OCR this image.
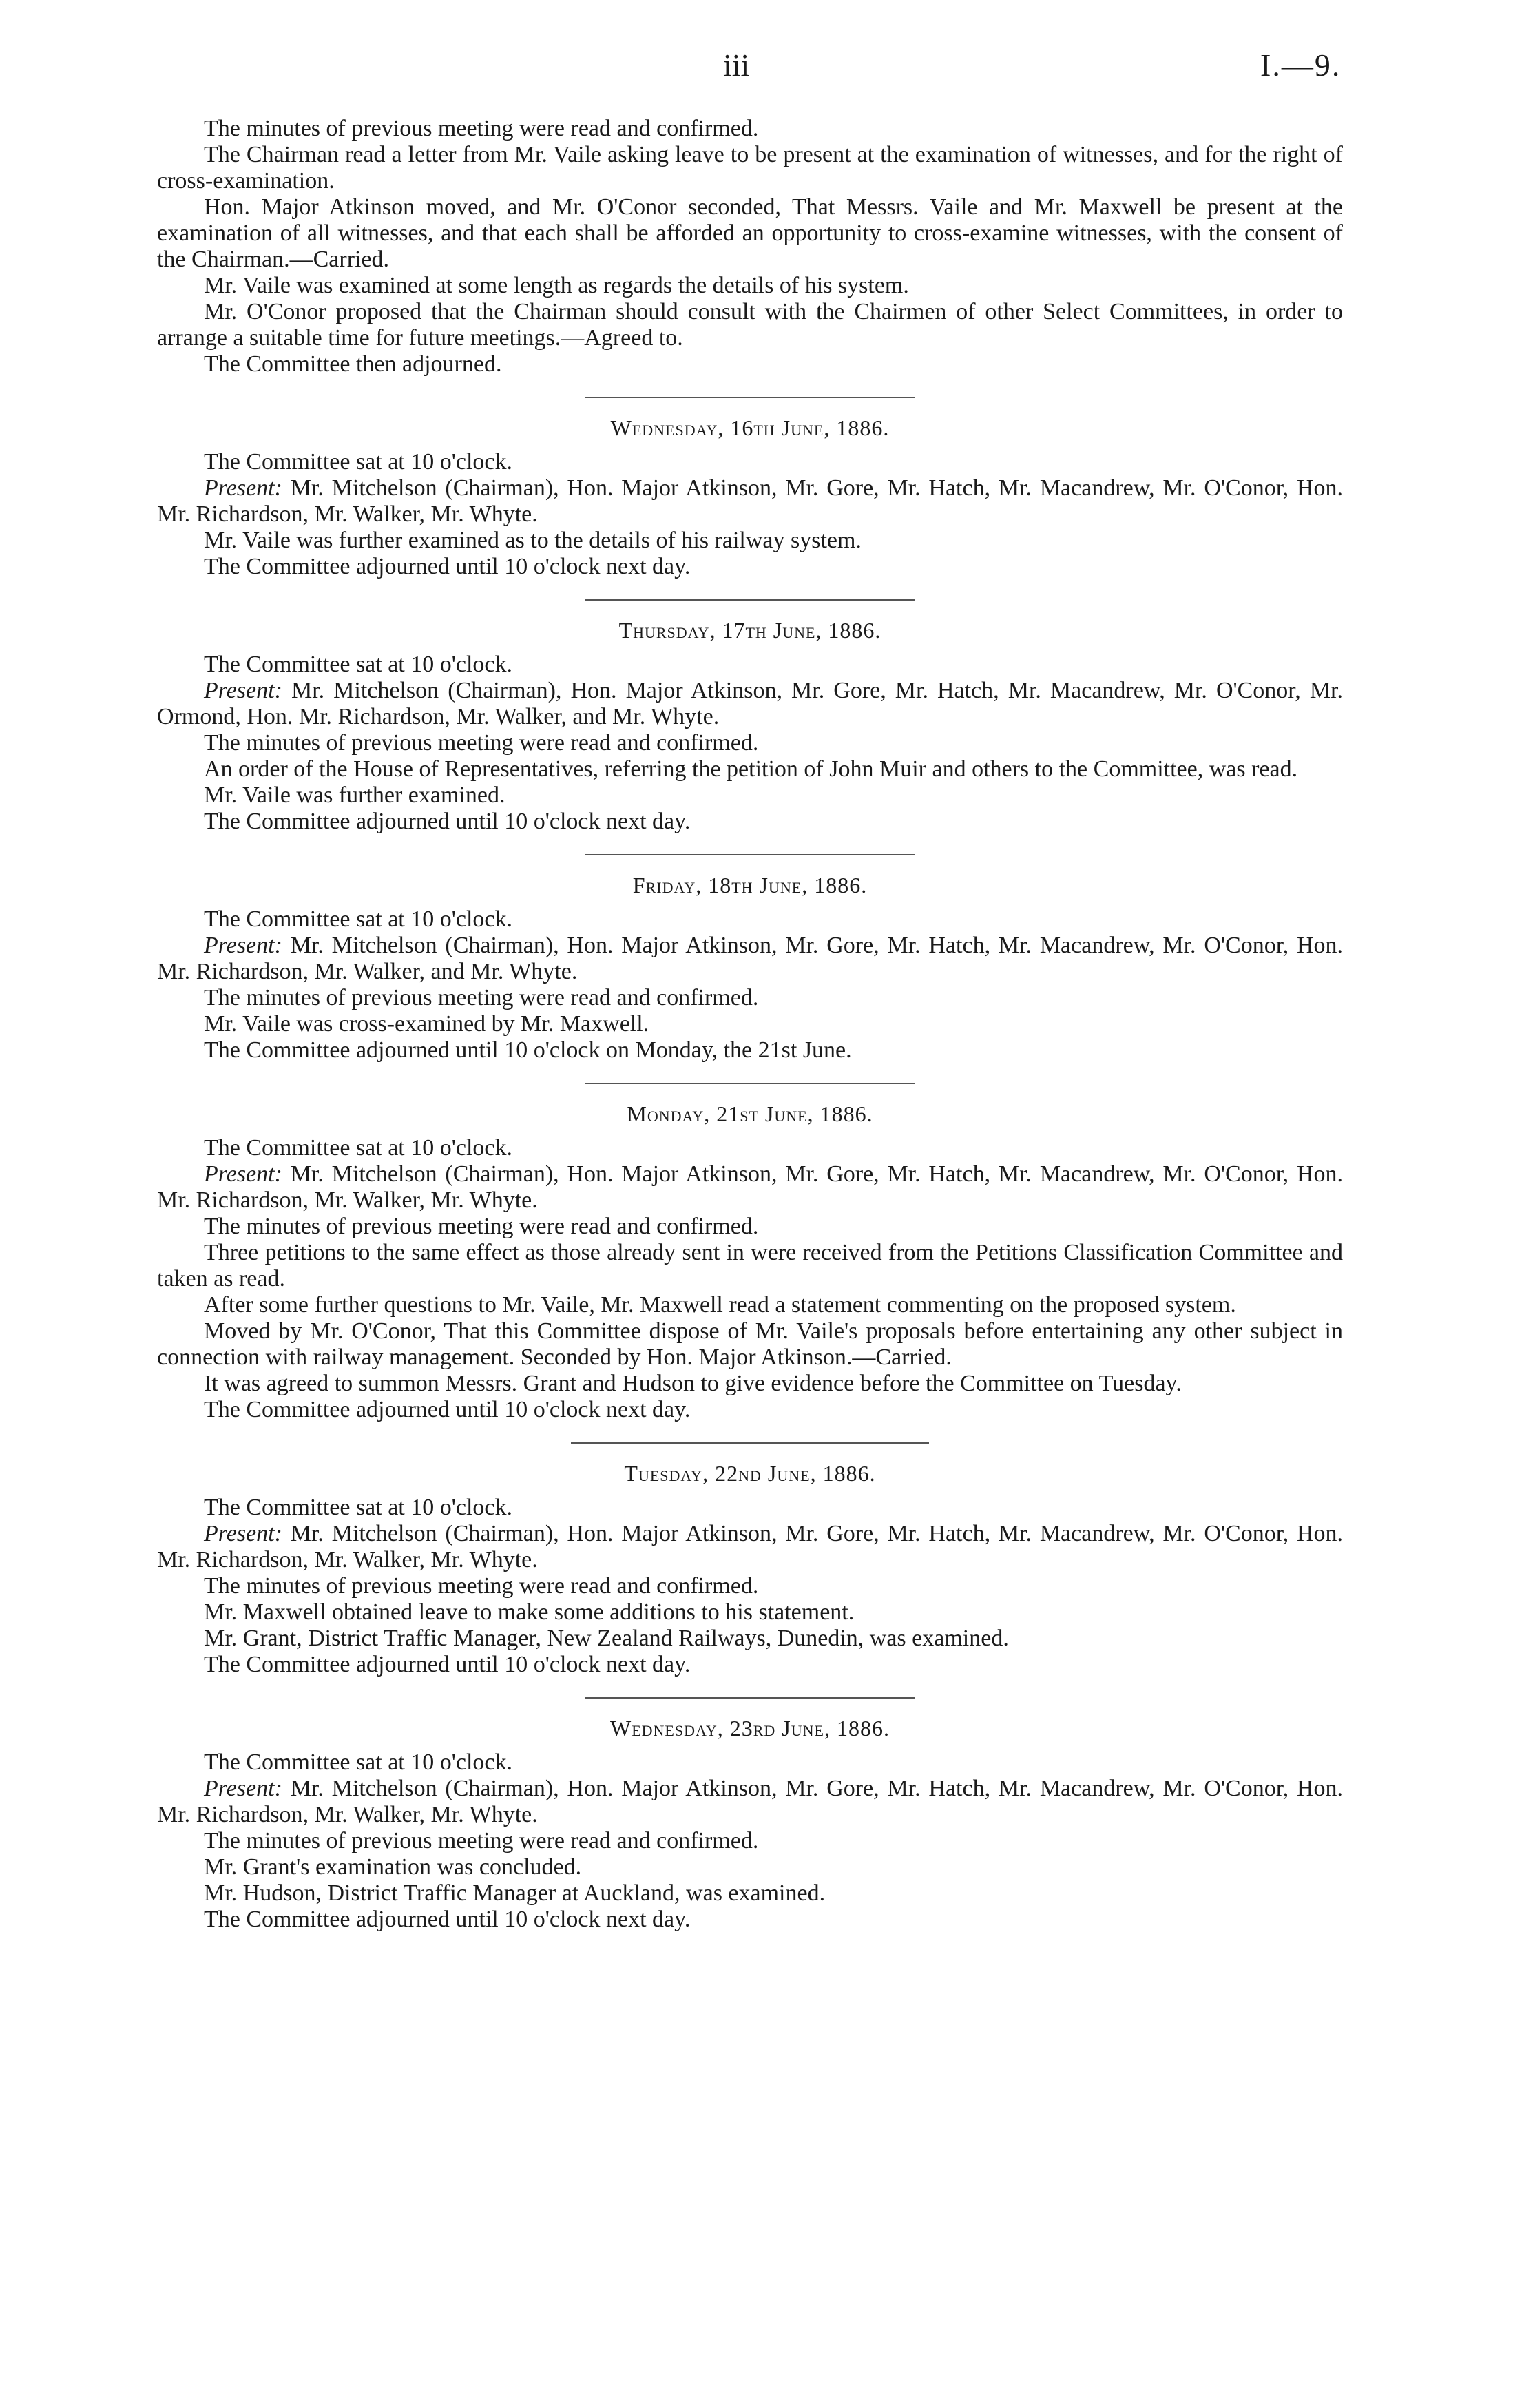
iii	I.—9.

The minutes of previous meeting were read and confirmed.

The Chairman read a letter from Mr. Vaile asking leave to be present at the examination of witnesses, and for the right of cross-examination.

Hon. Major Atkinson moved, and Mr. O'Conor seconded, That Messrs. Vaile and Mr. Maxwell be present at the examination of all witnesses, and that each shall be afforded an opportunity to cross-examine witnesses, with the consent of the Chairman.—Carried.

Mr. Vaile was examined at some length as regards the details of his system.

Mr. O'Conor proposed that the Chairman should consult with the Chairmen of other Select Committees, in order to arrange a suitable time for future meetings.—Agreed to.

The Committee then adjourned.

Wednesday, 16th June, 1886.

The Committee sat at 10 o'clock.

Present: Mr. Mitchelson (Chairman), Hon. Major Atkinson, Mr. Gore, Mr. Hatch, Mr. Macandrew, Mr. O'Conor, Hon. Mr. Richardson, Mr. Walker, Mr. Whyte.

Mr. Vaile was further examined as to the details of his railway system.

The Committee adjourned until 10 o'clock next day.

Thursday, 17th June, 1886.

The Committee sat at 10 o'clock.

Present: Mr. Mitchelson (Chairman), Hon. Major Atkinson, Mr. Gore, Mr. Hatch, Mr. Macandrew, Mr. O'Conor, Mr. Ormond, Hon. Mr. Richardson, Mr. Walker, and Mr. Whyte.

The minutes of previous meeting were read and confirmed.

An order of the House of Representatives, referring the petition of John Muir and others to the Committee, was read.

Mr. Vaile was further examined.

The Committee adjourned until 10 o'clock next day.

Friday, 18th June, 1886.

The Committee sat at 10 o'clock.

Present: Mr. Mitchelson (Chairman), Hon. Major Atkinson, Mr. Gore, Mr. Hatch, Mr. Macandrew, Mr. O'Conor, Hon. Mr. Richardson, Mr. Walker, and Mr. Whyte.

The minutes of previous meeting were read and confirmed.

Mr. Vaile was cross-examined by Mr. Maxwell.

The Committee adjourned until 10 o'clock on Monday, the 21st June.

Monday, 21st June, 1886.

The Committee sat at 10 o'clock.

Present: Mr. Mitchelson (Chairman), Hon. Major Atkinson, Mr. Gore, Mr. Hatch, Mr. Macandrew, Mr. O'Conor, Hon. Mr. Richardson, Mr. Walker, Mr. Whyte.

The minutes of previous meeting were read and confirmed.

Three petitions to the same effect as those already sent in were received from the Petitions Classification Committee and taken as read.

After some further questions to Mr. Vaile, Mr. Maxwell read a statement commenting on the proposed system.

Moved by Mr. O'Conor, That this Committee dispose of Mr. Vaile's proposals before entertaining any other subject in connection with railway management. Seconded by Hon. Major Atkinson.—Carried.

It was agreed to summon Messrs. Grant and Hudson to give evidence before the Committee on Tuesday.

The Committee adjourned until 10 o'clock next day.

Tuesday, 22nd June, 1886.

The Committee sat at 10 o'clock.

Present: Mr. Mitchelson (Chairman), Hon. Major Atkinson, Mr. Gore, Mr. Hatch, Mr. Macandrew, Mr. O'Conor, Hon. Mr. Richardson, Mr. Walker, Mr. Whyte.

The minutes of previous meeting were read and confirmed.

Mr. Maxwell obtained leave to make some additions to his statement.

Mr. Grant, District Traffic Manager, New Zealand Railways, Dunedin, was examined.

The Committee adjourned until 10 o'clock next day.

Wednesday, 23rd June, 1886.

The Committee sat at 10 o'clock.

Present: Mr. Mitchelson (Chairman), Hon. Major Atkinson, Mr. Gore, Mr. Hatch, Mr. Macandrew, Mr. O'Conor, Hon. Mr. Richardson, Mr. Walker, Mr. Whyte.

The minutes of previous meeting were read and confirmed.

Mr. Grant's examination was concluded.

Mr. Hudson, District Traffic Manager at Auckland, was examined.

The Committee adjourned until 10 o'clock next day.
